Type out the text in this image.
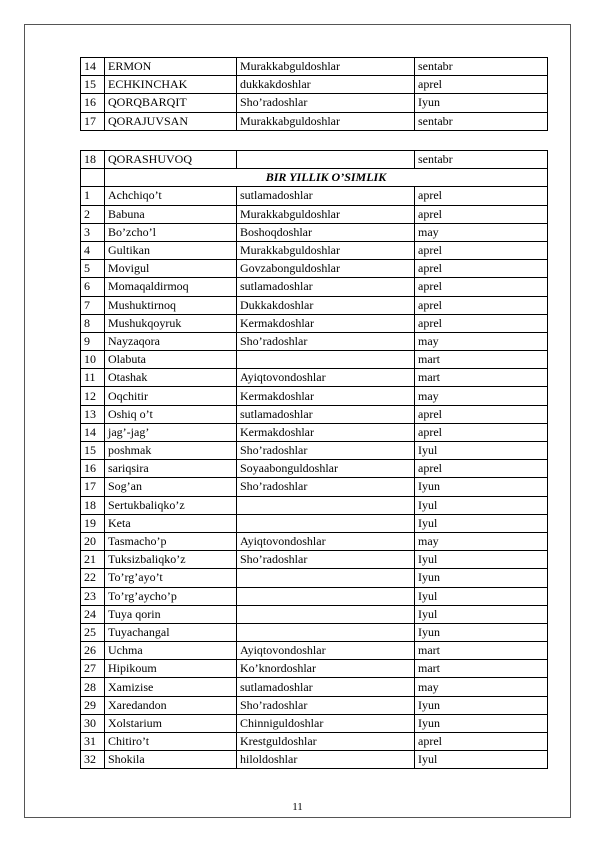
14	ERMON	Murakkabguldoshlar	sentabr
15	ECHKINCHAK	dukkakdoshlar	aprel
16	QORQBARQIT	Sho’radoshlar	Iyun
17	QORAJUVSAN	Murakkabguldoshlar	sentabr
18	QORASHUVOQ		sentabr
	BIR YILLIK O’SIMLIK		
1	Achchiqo’t	sutlamadoshlar	aprel
2	Babuna	Murakkabguldoshlar	aprel
3	Bo’zcho’l	Boshoqdoshlar	may
4	Gultikan	Murakkabguldoshlar	aprel
5	Movigul	Govzabonguldoshlar	aprel
6	Momaqaldirmoq	sutlamadoshlar	aprel
7	Mushuktirnoq	Dukkakdoshlar	aprel
8	Mushukqoyruk	Kermakdoshlar	aprel
9	Nayzaqora	Sho’radoshlar	may
10	Olabuta		mart
11	Otashak	Ayiqtovondoshlar	mart
12	Oqchitir	Kermakdoshlar	may
13	Oshiq o’t	sutlamadoshlar	aprel
14	jag’-jag’	Kermakdoshlar	aprel
15	poshmak	Sho’radoshlar	Iyul
16	sariqsira	Soyaabonguldoshlar	aprel
17	Sog’an	Sho’radoshlar	Iyun
18	Sertukbaliqko’z		Iyul
19	Keta		Iyul
20	Tasmacho’p	Ayiqtovondoshlar	may
21	Tuksizbaliqko’z	Sho’radoshlar	Iyul
22	To’rg’ayo’t		Iyun
23	To’rg’aycho’p		Iyul
24	Tuya qorin		Iyul
25	Tuyachangal		Iyun
26	Uchma	Ayiqtovondoshlar	mart
27	Hipikoum	Ko’knordoshlar	mart
28	Xamizise	sutlamadoshlar	may
29	Xaredandon	Sho’radoshlar	Iyun
30	Xolstarium	Chinniguldoshlar	Iyun
31	Chitiro’t	Krestguldoshlar	aprel
32	Shokila	hiloldoshlar	Iyul
11
